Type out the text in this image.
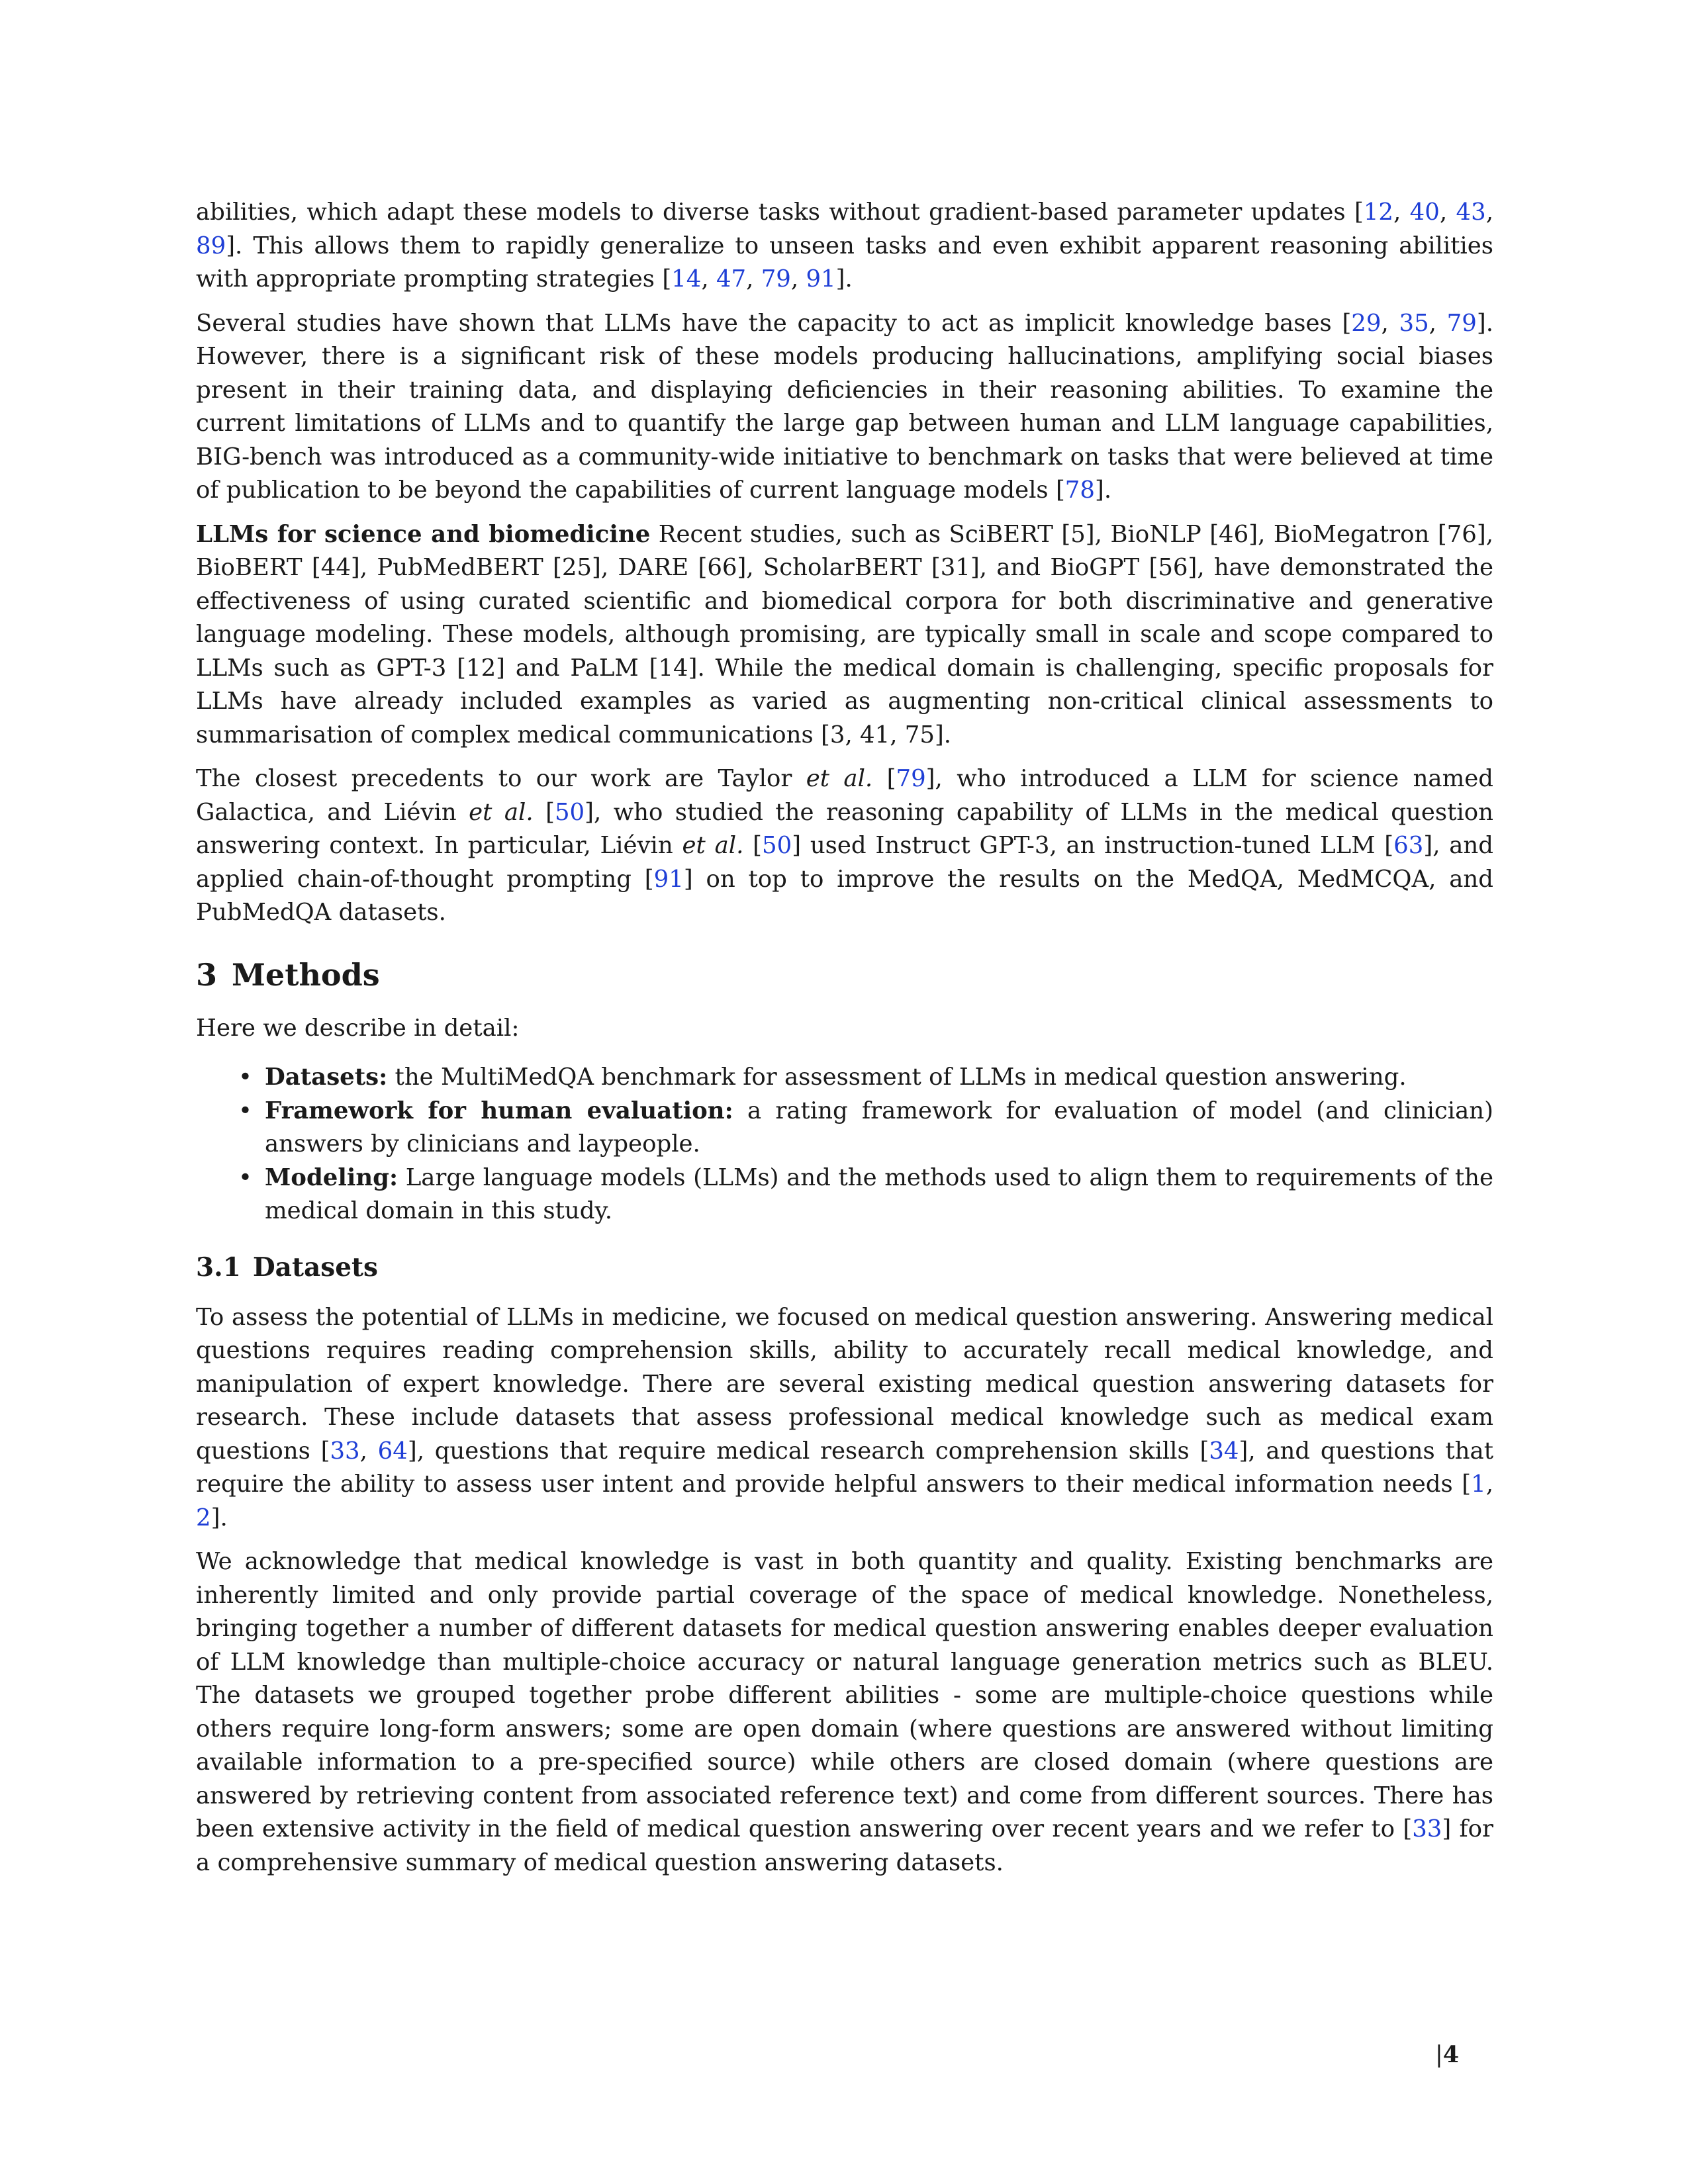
abilities, which adapt these models to diverse tasks without gradient-based parameter updates [12, 40, 43, 89]. This allows them to rapidly generalize to unseen tasks and even exhibit apparent reasoning abilities with appropriate prompting strategies [14, 47, 79, 91].

Several studies have shown that LLMs have the capacity to act as implicit knowledge bases [29, 35, 79]. However, there is a significant risk of these models producing hallucinations, amplifying social biases present in their training data, and displaying deficiencies in their reasoning abilities. To examine the current limitations of LLMs and to quantify the large gap between human and LLM language capabilities, BIG-bench was introduced as a community-wide initiative to benchmark on tasks that were believed at time of publication to be beyond the capabilities of current language models [78].

LLMs for science and biomedicine Recent studies, such as SciBERT [5], BioNLP [46], BioMegatron [76], BioBERT [44], PubMedBERT [25], DARE [66], ScholarBERT [31], and BioGPT [56], have demonstrated the effectiveness of using curated scientific and biomedical corpora for both discriminative and generative language modeling. These models, although promising, are typically small in scale and scope compared to LLMs such as GPT-3 [12] and PaLM [14]. While the medical domain is challenging, specific proposals for LLMs have already included examples as varied as augmenting non-critical clinical assessments to summarisation of complex medical communications [3, 41, 75].

The closest precedents to our work are Taylor et al. [79], who introduced a LLM for science named Galactica, and Liévin et al. [50], who studied the reasoning capability of LLMs in the medical question answering context. In particular, Liévin et al. [50] used Instruct GPT-3, an instruction-tuned LLM [63], and applied chain-of-thought prompting [91] on top to improve the results on the MedQA, MedMCQA, and PubMedQA datasets.

3 Methods

Here we describe in detail:

• Datasets: the MultiMedQA benchmark for assessment of LLMs in medical question answering.
• Framework for human evaluation: a rating framework for evaluation of model (and clinician) answers by clinicians and laypeople.
• Modeling: Large language models (LLMs) and the methods used to align them to requirements of the medical domain in this study.
3.1 Datasets

To assess the potential of LLMs in medicine, we focused on medical question answering. Answering medical questions requires reading comprehension skills, ability to accurately recall medical knowledge, and manipulation of expert knowledge. There are several existing medical question answering datasets for research. These include datasets that assess professional medical knowledge such as medical exam questions [33, 64], questions that require medical research comprehension skills [34], and questions that require the ability to assess user intent and provide helpful answers to their medical information needs [1, 2].

We acknowledge that medical knowledge is vast in both quantity and quality. Existing benchmarks are inherently limited and only provide partial coverage of the space of medical knowledge. Nonetheless, bringing together a number of different datasets for medical question answering enables deeper evaluation of LLM knowledge than multiple-choice accuracy or natural language generation metrics such as BLEU. The datasets we grouped together probe different abilities - some are multiple-choice questions while others require long-form answers; some are open domain (where questions are answered without limiting available information to a pre-specified source) while others are closed domain (where questions are answered by retrieving content from associated reference text) and come from different sources. There has been extensive activity in the field of medical question answering over recent years and we refer to [33] for a comprehensive summary of medical question answering datasets.

|4
